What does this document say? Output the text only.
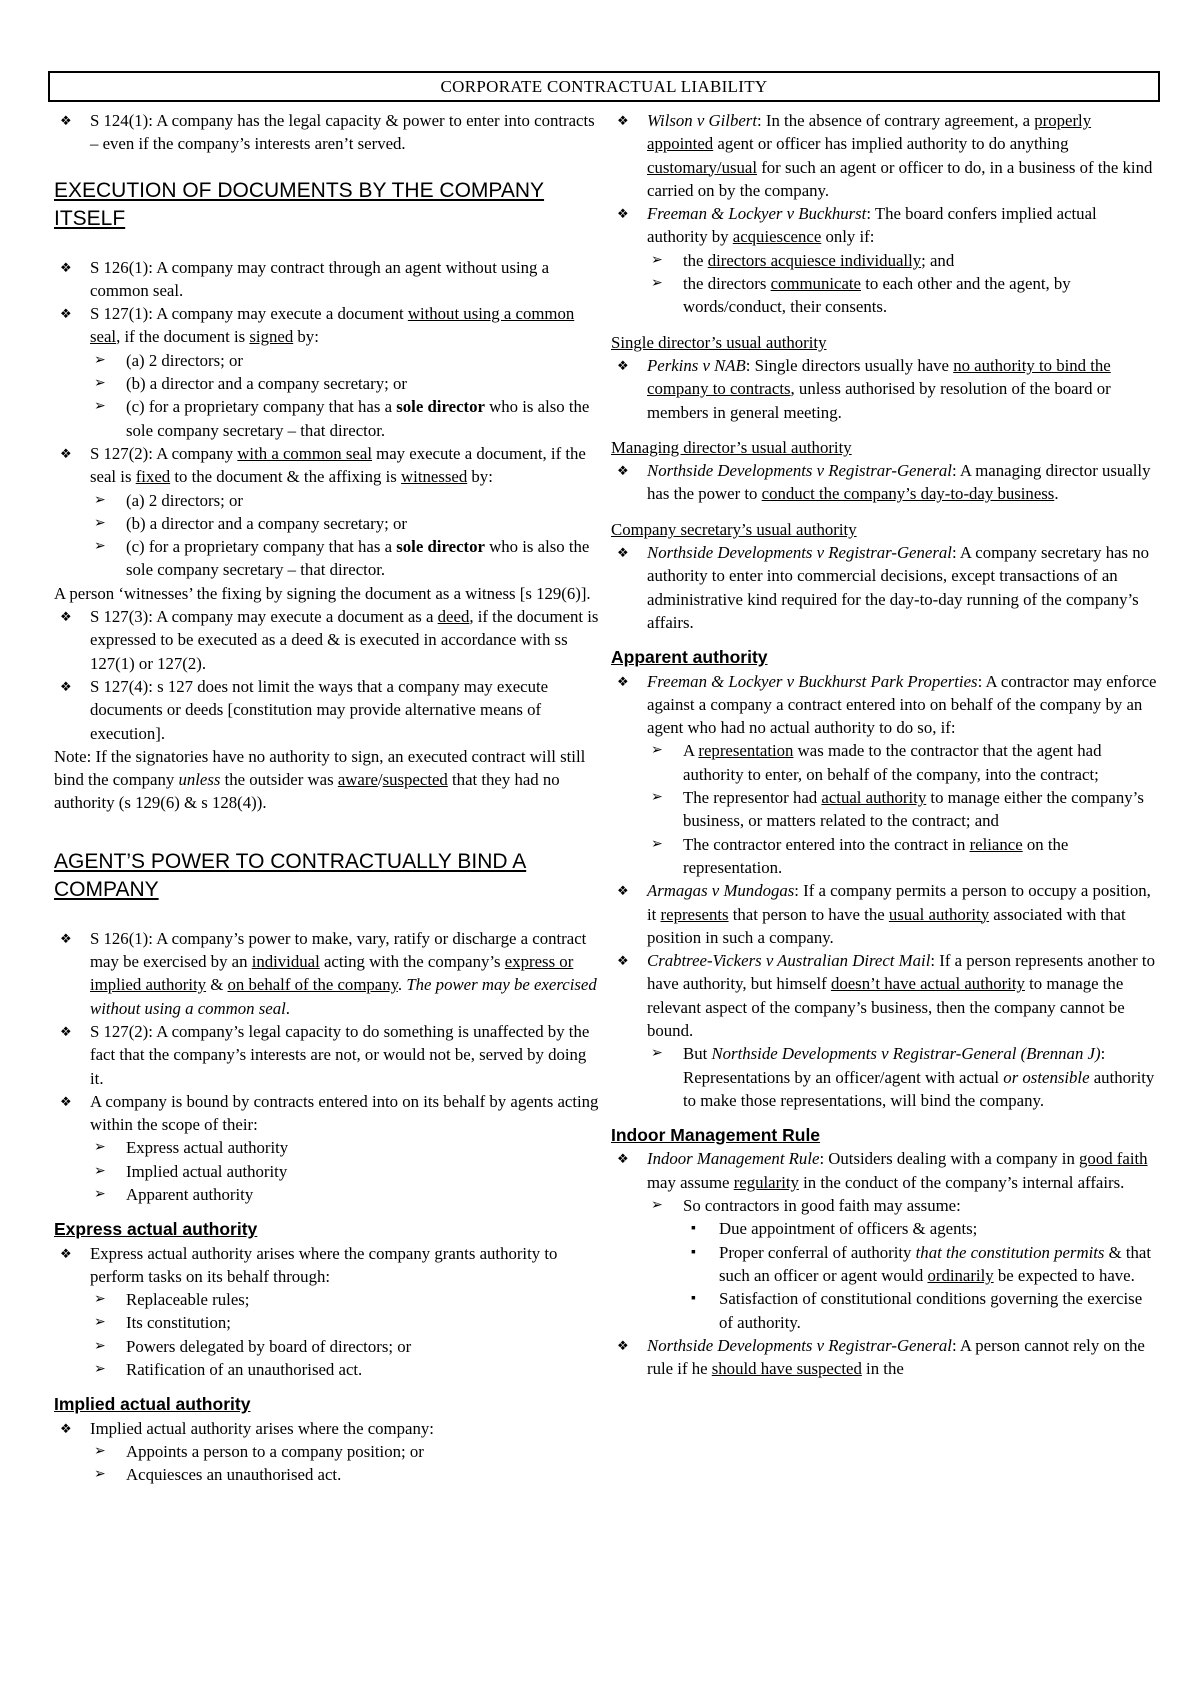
CORPORATE CONTRACTUAL LIABILITY
❖ S 124(1): A company has the legal capacity & power to enter into contracts – even if the company’s interests aren’t served.
EXECUTION OF DOCUMENTS BY THE COMPANY ITSELF
❖ S 126(1): A company may contract through an agent without using a common seal.
❖ S 127(1): A company may execute a document without using a common seal, if the document is signed by:
➢ (a) 2 directors; or
➢ (b) a director and a company secretary; or
➢ (c) for a proprietary company that has a sole director who is also the sole company secretary – that director.
❖ S 127(2): A company with a common seal may execute a document, if the seal is fixed to the document & the affixing is witnessed by:
➢ (a) 2 directors; or
➢ (b) a director and a company secretary; or
➢ (c) for a proprietary company that has a sole director who is also the sole company secretary – that director.
A person ‘witnesses’ the fixing by signing the document as a witness [s 129(6)].
❖ S 127(3): A company may execute a document as a deed, if the document is expressed to be executed as a deed & is executed in accordance with ss 127(1) or 127(2).
❖ S 127(4): s 127 does not limit the ways that a company may execute documents or deeds [constitution may provide alternative means of execution].
Note: If the signatories have no authority to sign, an executed contract will still bind the company unless the outsider was aware/suspected that they had no authority (s 129(6) & s 128(4)).
AGENT’S POWER TO CONTRACTUALLY BIND A COMPANY
❖ S 126(1): A company’s power to make, vary, ratify or discharge a contract may be exercised by an individual acting with the company’s express or implied authority & on behalf of the company. The power may be exercised without using a common seal.
❖ S 127(2): A company’s legal capacity to do something is unaffected by the fact that the company’s interests are not, or would not be, served by doing it.
❖ A company is bound by contracts entered into on its behalf by agents acting within the scope of their:
➢ Express actual authority
➢ Implied actual authority
➢ Apparent authority
Express actual authority
❖ Express actual authority arises where the company grants authority to perform tasks on its behalf through:
➢ Replaceable rules;
➢ Its constitution;
➢ Powers delegated by board of directors; or
➢ Ratification of an unauthorised act.
Implied actual authority
❖ Implied actual authority arises where the company:
➢ Appoints a person to a company position; or
➢ Acquiesces an unauthorised act.
❖ Wilson v Gilbert: In the absence of contrary agreement, a properly appointed agent or officer has implied authority to do anything customary/usual for such an agent or officer to do, in a business of the kind carried on by the company.
❖ Freeman & Lockyer v Buckhurst: The board confers implied actual authority by acquiescence only if:
➢ the directors acquiesce individually; and
➢ the directors communicate to each other and the agent, by words/conduct, their consents.
Single director’s usual authority
❖ Perkins v NAB: Single directors usually have no authority to bind the company to contracts, unless authorised by resolution of the board or members in general meeting.
Managing director’s usual authority
❖ Northside Developments v Registrar-General: A managing director usually has the power to conduct the company’s day-to-day business.
Company secretary’s usual authority
❖ Northside Developments v Registrar-General: A company secretary has no authority to enter into commercial decisions, except transactions of an administrative kind required for the day-to-day running of the company’s affairs.
Apparent authority
❖ Freeman & Lockyer v Buckhurst Park Properties: A contractor may enforce against a company a contract entered into on behalf of the company by an agent who had no actual authority to do so, if:
➢ A representation was made to the contractor that the agent had authority to enter, on behalf of the company, into the contract;
➢ The representor had actual authority to manage either the company’s business, or matters related to the contract; and
➢ The contractor entered into the contract in reliance on the representation.
❖ Armagas v Mundogas: If a company permits a person to occupy a position, it represents that person to have the usual authority associated with that position in such a company.
❖ Crabtree-Vickers v Australian Direct Mail: If a person represents another to have authority, but himself doesn’t have actual authority to manage the relevant aspect of the company’s business, then the company cannot be bound.
➢ But Northside Developments v Registrar-General (Brennan J): Representations by an officer/agent with actual or ostensible authority to make those representations, will bind the company.
Indoor Management Rule
❖ Indoor Management Rule: Outsiders dealing with a company in good faith may assume regularity in the conduct of the company’s internal affairs.
➢ So contractors in good faith may assume:
▪ Due appointment of officers & agents;
▪ Proper conferral of authority that the constitution permits & that such an officer or agent would ordinarily be expected to have.
▪ Satisfaction of constitutional conditions governing the exercise of authority.
❖ Northside Developments v Registrar-General: A person cannot rely on the rule if he should have suspected in the
